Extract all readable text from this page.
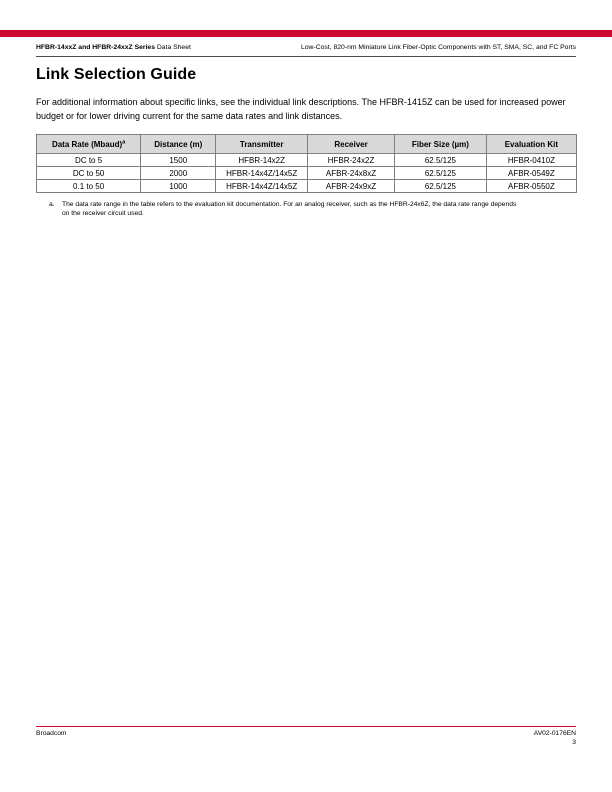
HFBR-14xxZ and HFBR-24xxZ Series Data Sheet	Low-Cost, 820-nm Miniature Link Fiber-Optic Components with ST, SMA, SC, and FC Ports
Link Selection Guide

For additional information about specific links, see the individual link descriptions. The HFBR-1415Z can be used for increased power budget or for lower driving current for the same data rates and link distances.

Data Rate (Mbaud)$^a$	Distance (m)	Transmitter	Receiver	Fiber Size (µm)	Evaluation Kit
DC to 5	1500	HFBR-14x2Z	HFBR-24x2Z	62.5/125	HFBR-0410Z
DC to 50	2000	HFBR-14x4Z/14x5Z	AFBR-24x8xZ	62.5/125	AFBR-0549Z
0.1 to 50	1000	HFBR-14x4Z/14x5Z	AFBR-24x9xZ	62.5/125	AFBR-0550Z
a.	The data rate range in the table refers to the evaluation kit documentation. For an analog receiver, such as the HFBR-24x6Z, the data rate range depends on the receiver circuit used.
Broadcom	AV02-0176EN
3
